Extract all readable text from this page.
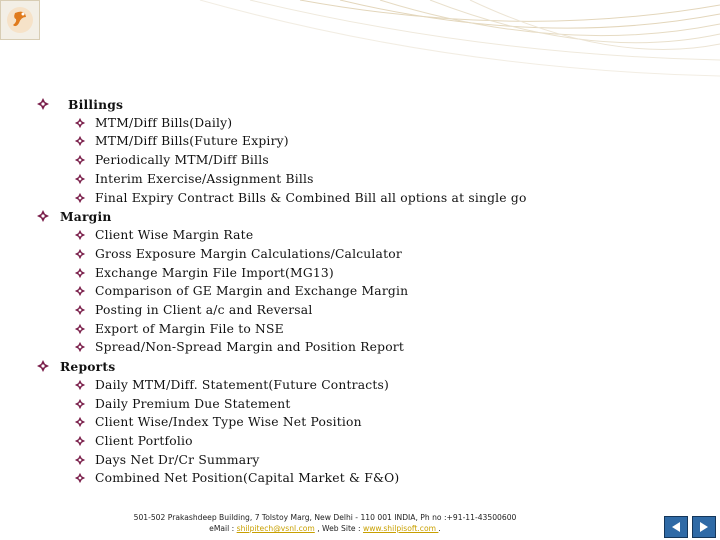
Billings
MTM/Diff Bills(Daily)
MTM/Diff Bills(Future Expiry)
Periodically MTM/Diff Bills
Interim Exercise/Assignment Bills
Final Expiry Contract Bills & Combined Bill all options at single go
Margin
Client Wise Margin Rate
Gross Exposure Margin Calculations/Calculator
Exchange Margin File Import(MG13)
Comparison of GE Margin and Exchange Margin
Posting in Client a/c and Reversal
Export of Margin File to NSE
Spread/Non-Spread Margin and Position Report
Reports
Daily MTM/Diff. Statement(Future Contracts)
Daily Premium Due Statement
Client Wise/Index Type Wise Net Position
Client Portfolio
Days Net Dr/Cr Summary
Combined Net Position(Capital Market & F&O)
501-502 Prakashdeep Building, 7 Tolstoy Marg, New Delhi - 110 001 INDIA, Ph no :+91-11-43500600
eMail : shilpitech@vsnl.com , Web Site : www.shilpisoft.com .
